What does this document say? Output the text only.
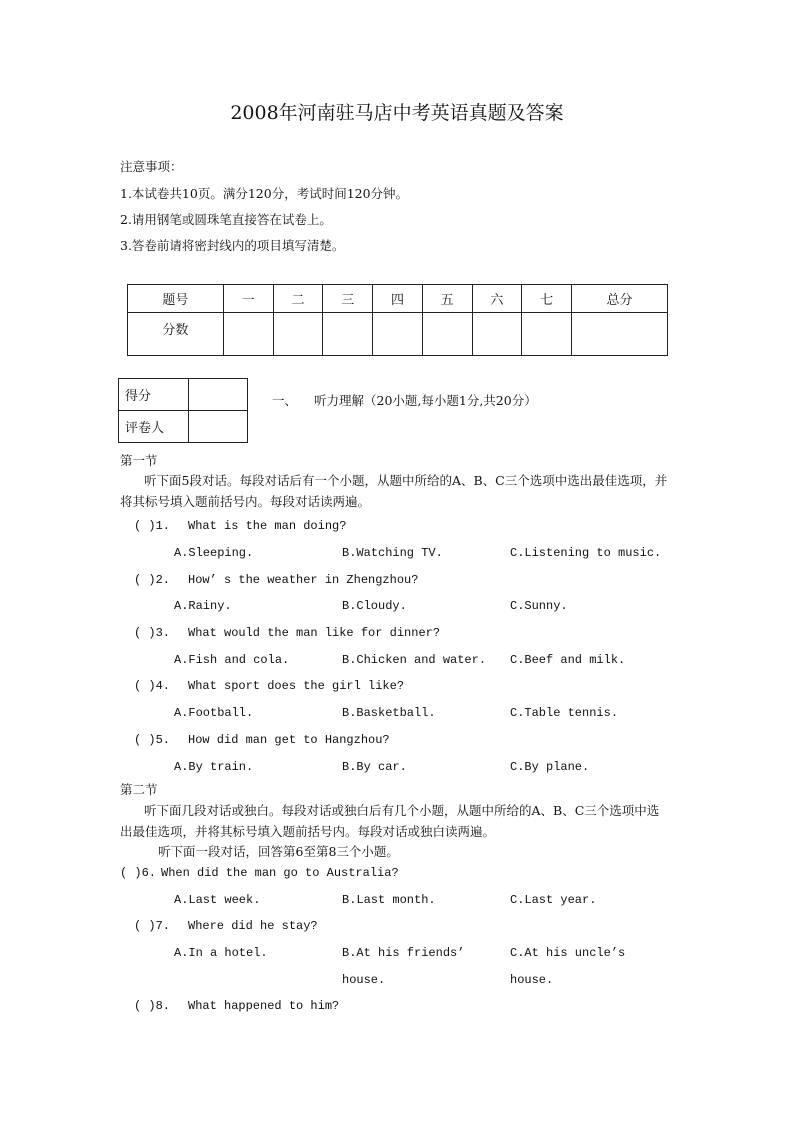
2008年河南驻马店中考英语真题及答案
注意事项：
1.本试卷共10页。满分120分，考试时间120分钟。
2.请用钢笔或圆珠笔直接答在试卷上。
3.答卷前请将密封线内的项目填写清楚。
题号	一	二	三	四	五	六	七	总分
分数								
得分	
评卷人	
一、 听力理解（20小题,每小题1分,共20分）
第一节
听下面5段对话。每段对话后有一个小题，从题中所给的A、B、C三个选项中选出最佳选项，并将其标号填入题前括号内。每段对话读两遍。
( )1. What is the man doing?
A.Sleeping.	B.Watching TV.	C.Listening to music.
( )2. How’ s the weather in Zhengzhou?
A.Rainy.	B.Cloudy.	C.Sunny.
( )3. What would the man like for dinner?
A.Fish and cola.	B.Chicken and water. C.Beef and milk.
( )4. What sport does the girl like?
A.Football.	B.Basketball.	C.Table tennis.
( )5. How did man get to Hangzhou?
A.By train.	B.By car.	C.By plane.
第二节
听下面几段对话或独白。每段对话或独白后有几个小题，从题中所给的A、B、C三个选项中选出最佳选项，并将其标号填入题前括号内。每段对话或独白读两遍。
听下面一段对话，回答第6至第8三个小题。
( )6. When did the man go to Australia?
A.Last week.	B.Last month.	C.Last year.
( )7. Where did he stay?
A.In a hotel.	B.At his friends’
house.
C.At his uncle’s
house.
( )8. What happened to him?
